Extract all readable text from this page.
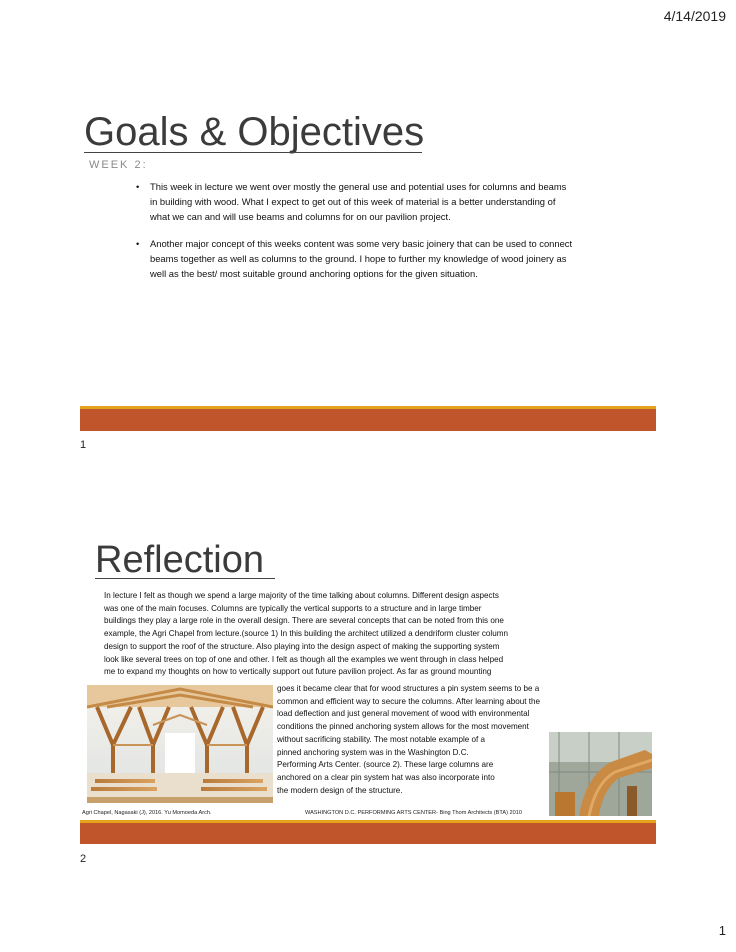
4/14/2019
Goals & Objectives
WEEK 2:
• This week in lecture we went over mostly the general use and potential uses for columns and beams in building with wood. What I expect to get out of this week of material is a better understanding of what we can and will use beams and columns for on our pavilion project.
• Another major concept of this weeks content was some very basic joinery that can be used to connect beams together as well as columns to the ground. I hope to further my knowledge of wood joinery as well as the best/ most suitable ground anchoring options for the given situation.
1
Reflection
In lecture I felt as though we spend a large majority of the time talking about columns. Different design aspects
was one of the main focuses. Columns are typically the vertical supports to a structure and in large timber
buildings they play a large role in the overall design. There are several concepts that can be noted from this one
example, the Agri Chapel from lecture.(source 1) In this building the architect utilized a dendriform cluster column
design to support the roof of the structure. Also playing into the design aspect of making the supporting system
look like several trees on top of one and other. I felt as though all the examples we went through in class helped
me to expand my thoughts on how to vertically support out future pavilion project. As far as ground mounting
goes it became clear that for wood structures a pin system seems to be a
common and efficient way to secure the columns. After learning about the
load deflection and just general movement of wood with environmental
conditions the pinned anchoring system allows for the most movement
without sacrificing stability. The most notable example of a
pinned anchoring system was in the Washington D.C.
Performing Arts Center. (source 2). These large columns are
anchored on a clear pin system hat was also incorporate into
the modern design of the structure.
Agri Chapel, Nagasaki (J), 2016. Yu Momoeda Arch.	WASHINGTON D.C. PERFORMING ARTS CENTER- Bing Thom Architects (BTA) 2010
2
1
